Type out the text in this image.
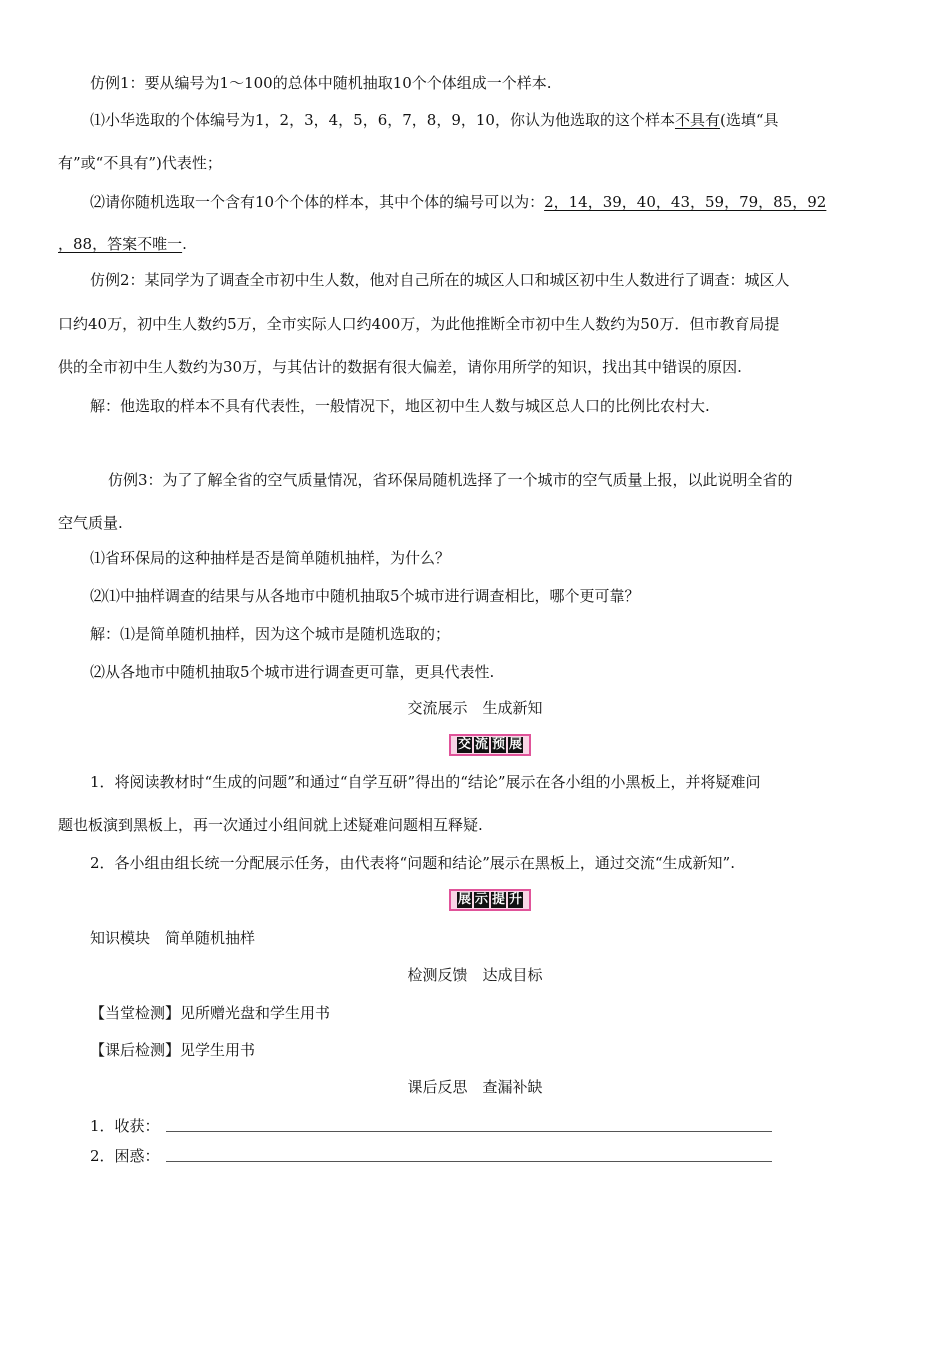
仿例1：要从编号为1～100的总体中随机抽取10个个体组成一个样本.
⑴小华选取的个体编号为1，2，3，4，5，6，7，8，9，10，你认为他选取的这个样本不具有(选填“具
有”或“不具有”)代表性；
⑵请你随机选取一个含有10个个体的样本，其中个体的编号可以为：2，14，39，40，43，59，79，85，92
，88，答案不唯一.
仿例2：某同学为了调查全市初中生人数，他对自己所在的城区人口和城区初中生人数进行了调查：城区人
口约40万，初中生人数约5万，全市实际人口约400万，为此他推断全市初中生人数约为50万．但市教育局提
供的全市初中生人数约为30万，与其估计的数据有很大偏差，请你用所学的知识，找出其中错误的原因.
解：他选取的样本不具有代表性，一般情况下，地区初中生人数与城区总人口的比例比农村大.
仿例3：为了了解全省的空气质量情况，省环保局随机选择了一个城市的空气质量上报，以此说明全省的
空气质量.
⑴省环保局的这种抽样是否是简单随机抽样，为什么？
⑵⑴中抽样调查的结果与从各地市中随机抽取5个城市进行调查相比，哪个更可靠？
解：⑴是简单随机抽样，因为这个城市是随机选取的；
⑵从各地市中随机抽取5个城市进行调查更可靠，更具代表性.
交流展示　生成新知
交 流 预 展
1．将阅读教材时“生成的问题”和通过“自学互研”得出的“结论”展示在各小组的小黑板上，并将疑难问
题也板演到黑板上，再一次通过小组间就上述疑难问题相互释疑.
2．各小组由组长统一分配展示任务，由代表将“问题和结论”展示在黑板上，通过交流“生成新知”.
展 示 提 升
知识模块　简单随机抽样
检测反馈　达成目标
【当堂检测】见所赠光盘和学生用书
【课后检测】见学生用书
课后反思　查漏补缺
1．收获：
2．困惑：
